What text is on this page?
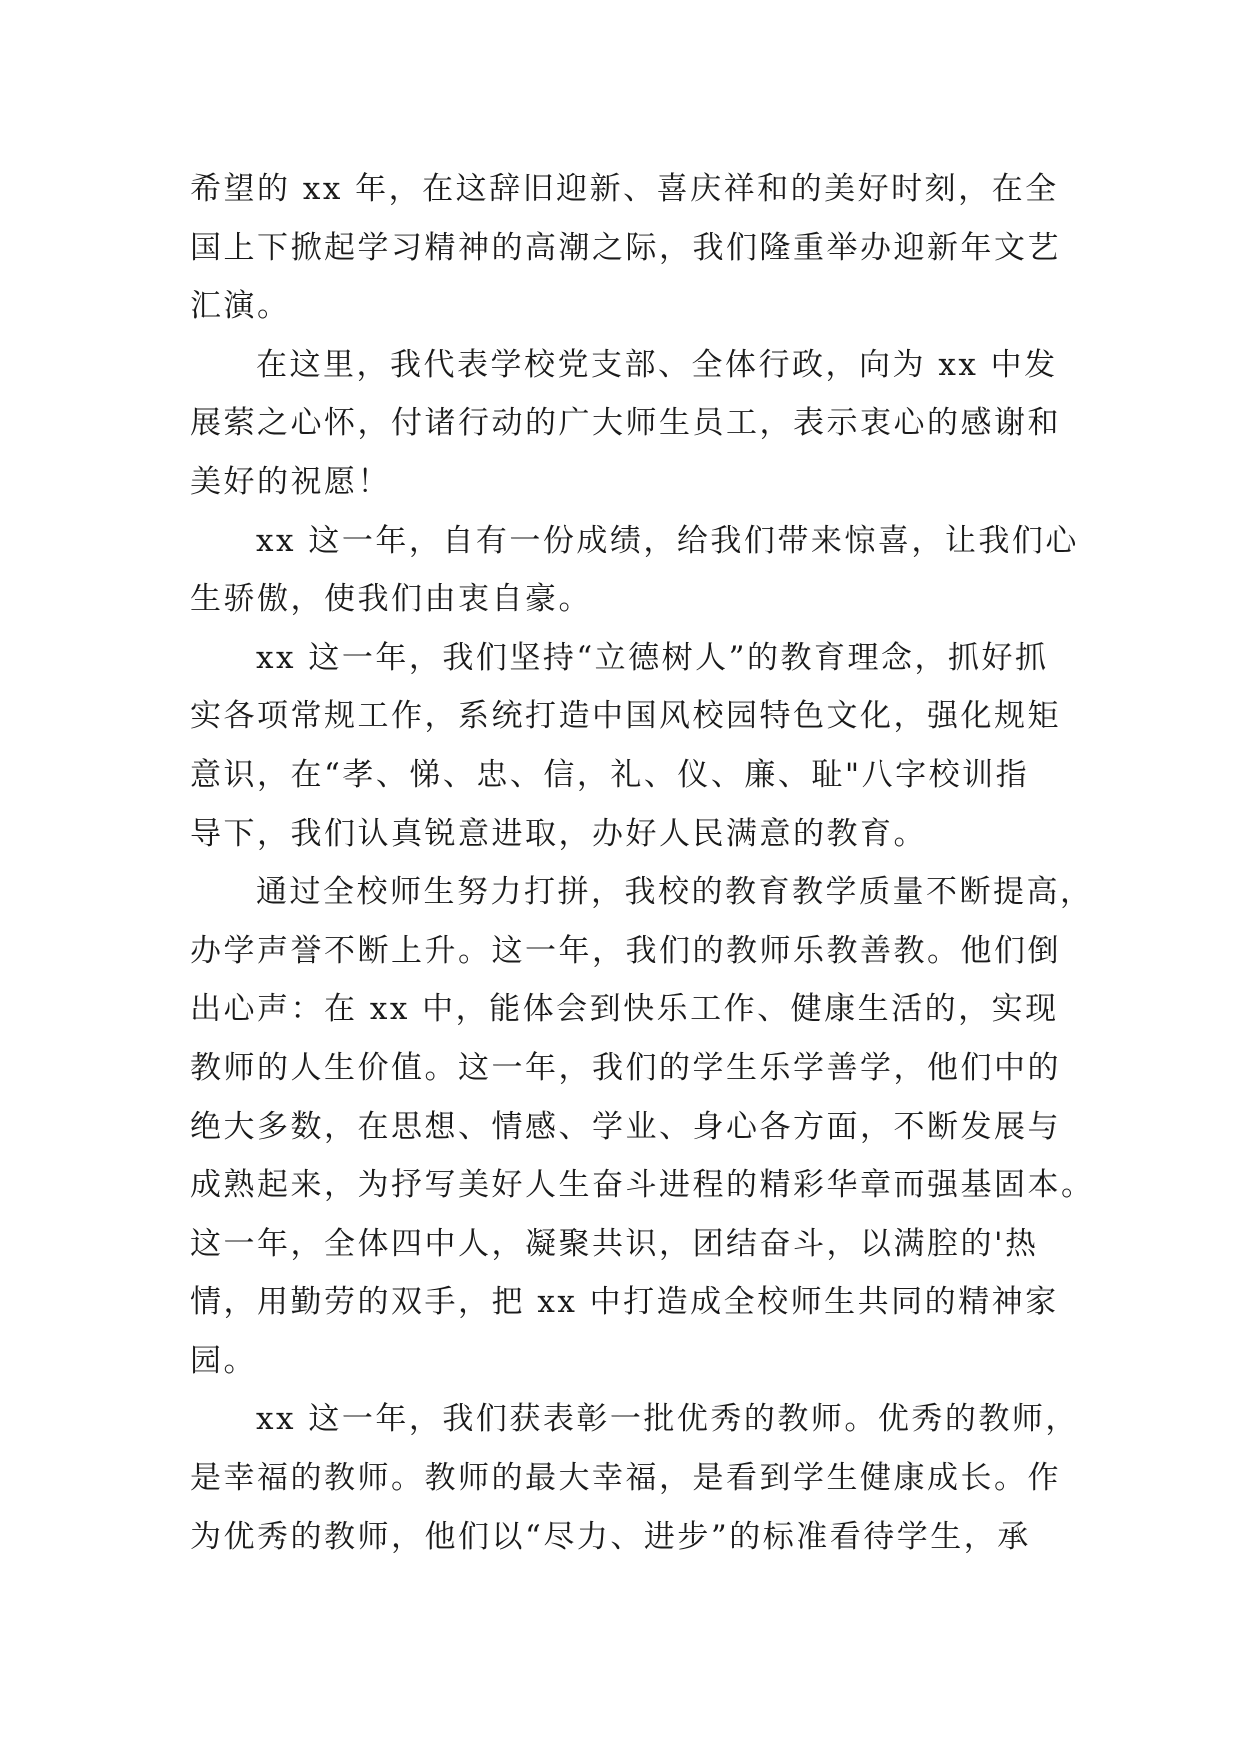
希望的 xx 年，在这辞旧迎新、喜庆祥和的美好时刻，在全
国上下掀起学习精神的高潮之际，我们隆重举办迎新年文艺
汇演。
在这里，我代表学校党支部、全体行政，向为 xx 中发
展萦之心怀，付诸行动的广大师生员工，表示衷心的感谢和
美好的祝愿！
xx 这一年，自有一份成绩，给我们带来惊喜，让我们心
生骄傲，使我们由衷自豪。
xx 这一年，我们坚持“立德树人”的教育理念，抓好抓
实各项常规工作，系统打造中国风校园特色文化，强化规矩
意识，在“孝、悌、忠、信，礼、仪、廉、耻"八字校训指
导下，我们认真锐意进取，办好人民满意的教育。
通过全校师生努力打拼，我校的教育教学质量不断提高，
办学声誉不断上升。这一年，我们的教师乐教善教。他们倒
出心声：在 xx 中，能体会到快乐工作、健康生活的，实现
教师的人生价值。这一年，我们的学生乐学善学，他们中的
绝大多数，在思想、情感、学业、身心各方面，不断发展与
成熟起来，为抒写美好人生奋斗进程的精彩华章而强基固本。
这一年，全体四中人，凝聚共识，团结奋斗，以满腔的'热
情，用勤劳的双手，把 xx 中打造成全校师生共同的精神家
园。
xx 这一年，我们获表彰一批优秀的教师。优秀的教师，
是幸福的教师。教师的最大幸福，是看到学生健康成长。作
为优秀的教师，他们以“尽力、进步”的标准看待学生，承
